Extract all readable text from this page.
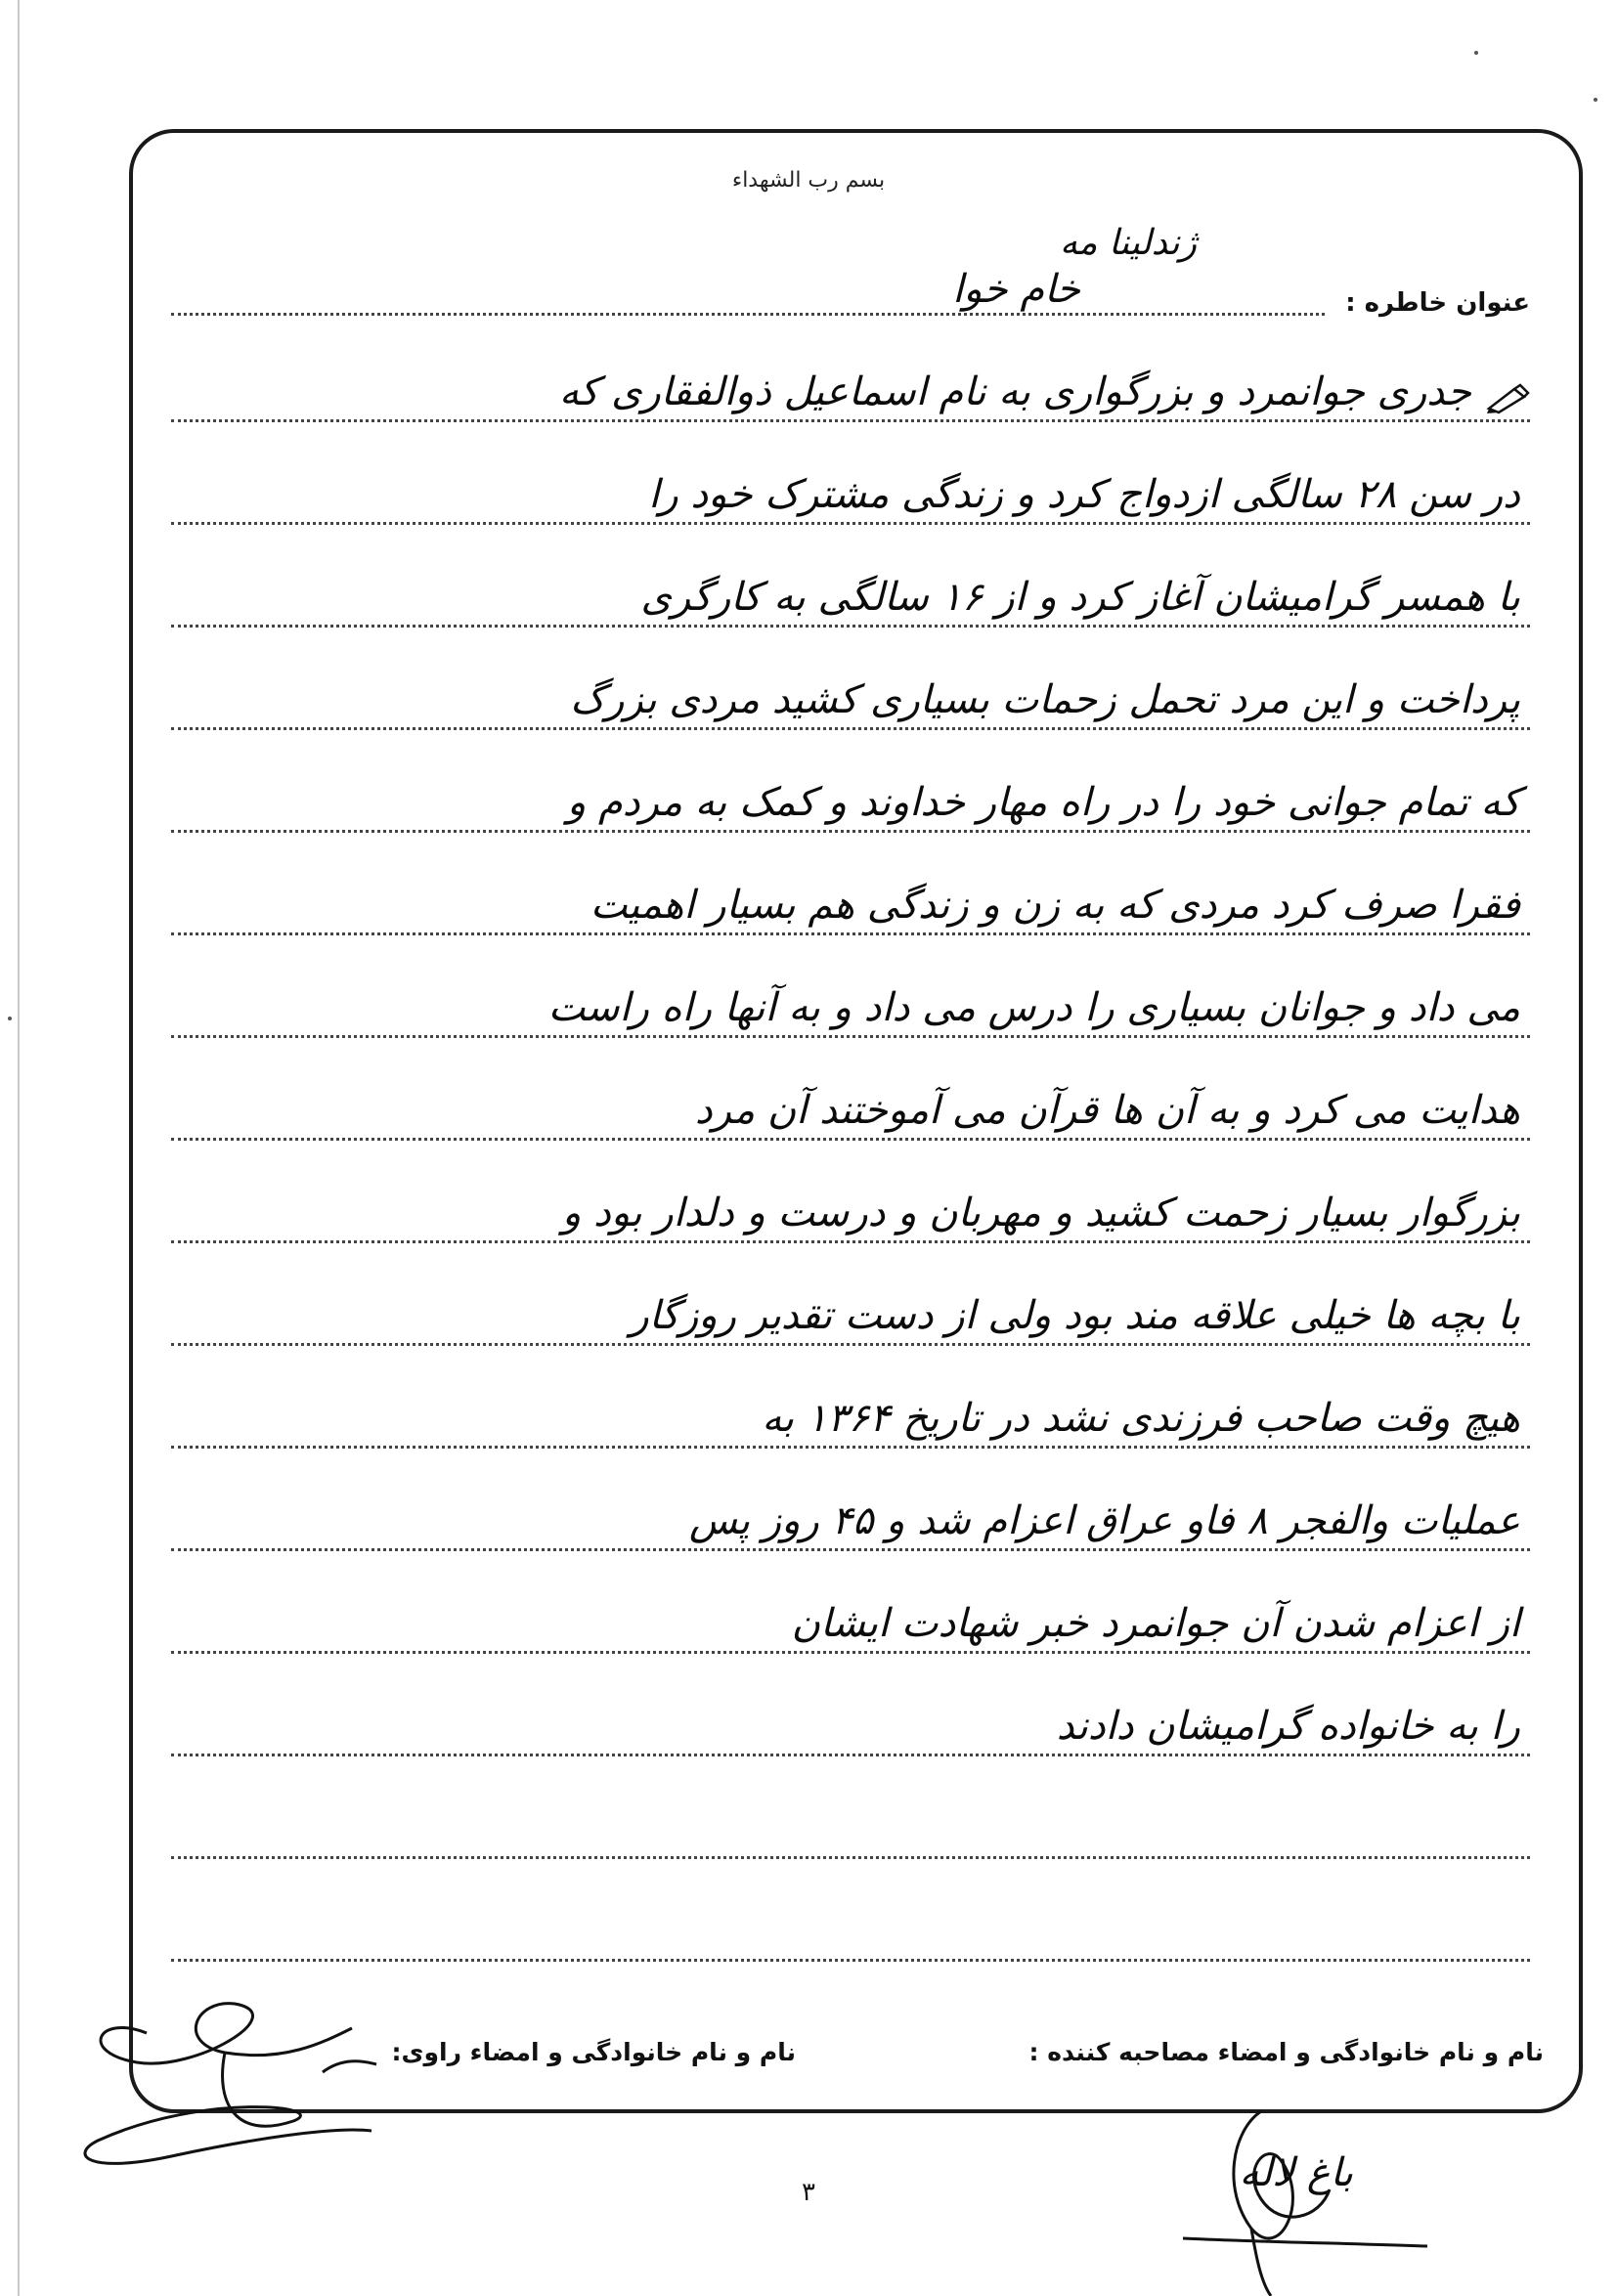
بسم رب الشهداء
ژندلینا مه
عنوان خاطره :
خام خوا
جدری جوانمرد و بزرگواری به نام اسماعیل ذوالفقاری که
در سن ۲۸ سالگی ازدواج کرد و زندگی مشترک خود را
با همسر گرامیشان آغاز کرد و از ۱۶ سالگی به کارگری
پرداخت و این مرد تحمل زحمات بسیاری کشید مردی بزرگ
که تمام جوانی خود را در راه مهار خداوند و کمک به مردم و
فقرا صرف کرد مردی که به زن و زندگی هم بسیار اهمیت
می داد و جوانان بسیاری را درس می داد و به آنها راه راست
هدایت می کرد و به آن ها قرآن می آموختند آن مرد
بزرگوار بسیار زحمت کشید و مهربان و درست و دلدار بود و
با بچه ها خیلی علاقه مند بود ولی از دست تقدیر روزگار
هیچ وقت صاحب فرزندی نشد در تاریخ ۱۳۶۴ به
عملیات والفجر ۸ فاو عراق اعزام شد و ۴۵ روز پس
از اعزام شدن آن جوانمرد خبر شهادت ایشان
را به خانواده گرامیشان دادند
نام و نام خانوادگی و امضاء مصاحبه کننده :
نام و نام خانوادگی و امضاء راوی:
باغ لاله
۳
